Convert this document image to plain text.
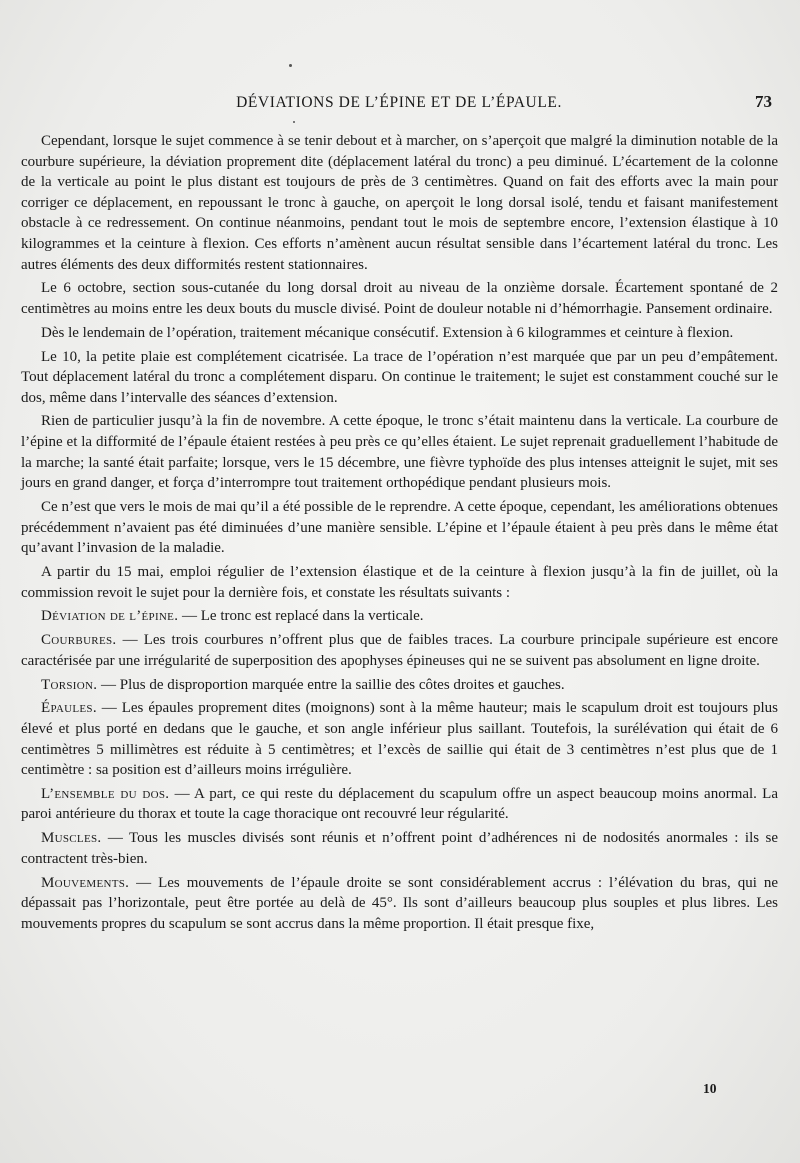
DÉVIATIONS DE L’ÉPINE ET DE L’ÉPAULE.	73

Cependant, lorsque le sujet commence à se tenir debout et à marcher, on s’aperçoit que malgré la diminution notable de la courbure supérieure, la déviation proprement dite (déplacement latéral du tronc) a peu diminué. L’écartement de la colonne de la verticale au point le plus distant est toujours de près de 3 centimètres. Quand on fait des efforts avec la main pour corriger ce déplacement, en repoussant le tronc à gauche, on aperçoit le long dorsal isolé, tendu et faisant manifestement obstacle à ce redressement. On continue néanmoins, pendant tout le mois de septembre encore, l’extension élastique à 10 kilogrammes et la ceinture à flexion. Ces efforts n’amènent aucun résultat sensible dans l’écartement latéral du tronc. Les autres éléments des deux difformités restent stationnaires.

Le 6 octobre, section sous-cutanée du long dorsal droit au niveau de la onzième dorsale. Écartement spontané de 2 centimètres au moins entre les deux bouts du muscle divisé. Point de douleur notable ni d’hémorrhagie. Pansement ordinaire.

Dès le lendemain de l’opération, traitement mécanique consécutif. Extension à 6 kilogrammes et ceinture à flexion.

Le 10, la petite plaie est complétement cicatrisée. La trace de l’opération n’est marquée que par un peu d’empâtement. Tout déplacement latéral du tronc a complétement disparu. On continue le traitement; le sujet est constamment couché sur le dos, même dans l’intervalle des séances d’extension.

Rien de particulier jusqu’à la fin de novembre. A cette époque, le tronc s’était maintenu dans la verticale. La courbure de l’épine et la difformité de l’épaule étaient restées à peu près ce qu’elles étaient. Le sujet reprenait graduellement l’habitude de la marche; la santé était parfaite; lorsque, vers le 15 décembre, une fièvre typhoïde des plus intenses atteignit le sujet, mit ses jours en grand danger, et força d’interrompre tout traitement orthopédique pendant plusieurs mois.

Ce n’est que vers le mois de mai qu’il a été possible de le reprendre. A cette époque, cependant, les améliorations obtenues précédemment n’avaient pas été diminuées d’une manière sensible. L’épine et l’épaule étaient à peu près dans le même état qu’avant l’invasion de la maladie.

A partir du 15 mai, emploi régulier de l’extension élastique et de la ceinture à flexion jusqu’à la fin de juillet, où la commission revoit le sujet pour la dernière fois, et constate les résultats suivants :

Déviation de l’épine. — Le tronc est replacé dans la verticale.

Courbures. — Les trois courbures n’offrent plus que de faibles traces. La courbure principale supérieure est encore caractérisée par une irrégularité de superposition des apophyses épineuses qui ne se suivent pas absolument en ligne droite.

Torsion. — Plus de disproportion marquée entre la saillie des côtes droites et gauches.

Épaules. — Les épaules proprement dites (moignons) sont à la même hauteur; mais le scapulum droit est toujours plus élevé et plus porté en dedans que le gauche, et son angle inférieur plus saillant. Toutefois, la surélévation qui était de 6 centimètres 5 millimètres est réduite à 5 centimètres; et l’excès de saillie qui était de 3 centimètres n’est plus que de 1 centimètre : sa position est d’ailleurs moins irrégulière.

L’ensemble du dos. — A part, ce qui reste du déplacement du scapulum offre un aspect beaucoup moins anormal. La paroi antérieure du thorax et toute la cage thoracique ont recouvré leur régularité.

Muscles. — Tous les muscles divisés sont réunis et n’offrent point d’adhérences ni de nodosités anormales : ils se contractent très-bien.

Mouvements. — Les mouvements de l’épaule droite se sont considérablement accrus : l’élévation du bras, qui ne dépassait pas l’horizontale, peut être portée au delà de 45°. Ils sont d’ailleurs beaucoup plus souples et plus libres. Les mouvements propres du scapulum se sont accrus dans la même proportion. Il était presque fixe,

10
